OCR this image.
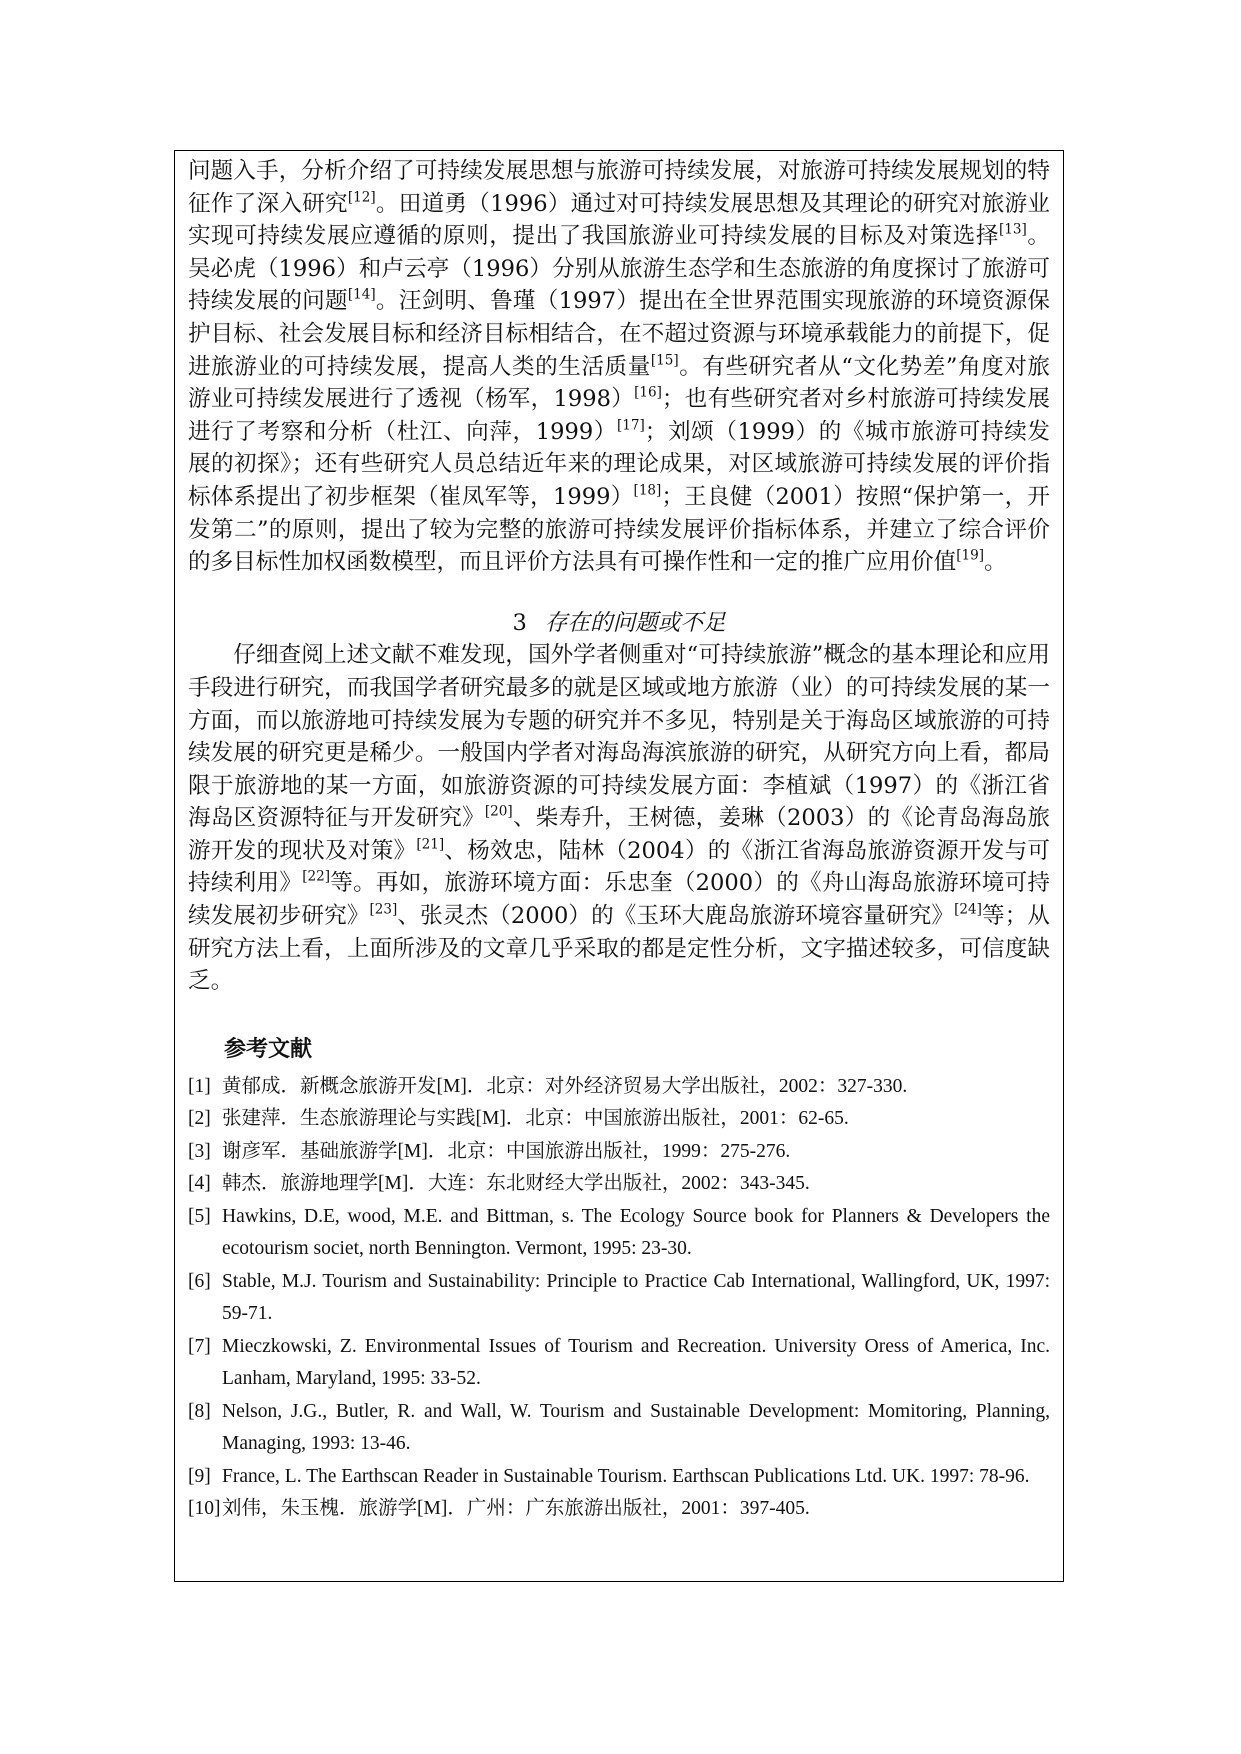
问题入手，分析介绍了可持续发展思想与旅游可持续发展，对旅游可持续发展规划的特征作了深入研究[12]。田道勇（1996）通过对可持续发展思想及其理论的研究对旅游业实现可持续发展应遵循的原则，提出了我国旅游业可持续发展的目标及对策选择[13]。吴必虎（1996）和卢云亭（1996）分别从旅游生态学和生态旅游的角度探讨了旅游可持续发展的问题[14]。汪剑明、鲁瑾（1997）提出在全世界范围实现旅游的环境资源保护目标、社会发展目标和经济目标相结合，在不超过资源与环境承载能力的前提下，促进旅游业的可持续发展，提高人类的生活质量[15]。有些研究者从“文化势差”角度对旅游业可持续发展进行了透视（杨军，1998）[16]；也有些研究者对乡村旅游可持续发展进行了考察和分析（杜江、向萍，1999）[17]；刘颂（1999）的《城市旅游可持续发展的初探》；还有些研究人员总结近年来的理论成果，对区域旅游可持续发展的评价指标体系提出了初步框架（崔凤军等，1999）[18]；王良健（2001）按照“保护第一，开发第二”的原则，提出了较为完整的旅游可持续发展评价指标体系，并建立了综合评价的多目标性加权函数模型，而且评价方法具有可操作性和一定的推广应用价值[19]。

3 存在的问题或不足

仔细查阅上述文献不难发现，国外学者侧重对“可持续旅游”概念的基本理论和应用手段进行研究，而我国学者研究最多的就是区域或地方旅游（业）的可持续发展的某一方面，而以旅游地可持续发展为专题的研究并不多见，特别是关于海岛区域旅游的可持续发展的研究更是稀少。一般国内学者对海岛海滨旅游的研究，从研究方向上看，都局限于旅游地的某一方面，如旅游资源的可持续发展方面：李植斌（1997）的《浙江省海岛区资源特征与开发研究》[20]、柴寿升，王树德，姜琳（2003）的《论青岛海岛旅游开发的现状及对策》[21]、杨效忠，陆林（2004）的《浙江省海岛旅游资源开发与可持续利用》[22]等。再如，旅游环境方面：乐忠奎（2000）的《舟山海岛旅游环境可持续发展初步研究》[23]、张灵杰（2000）的《玉环大鹿岛旅游环境容量研究》[24]等；从研究方法上看，上面所涉及的文章几乎采取的都是定性分析，文字描述较多，可信度缺乏。

参考文献
[1] 黄郁成．新概念旅游开发[M]．北京：对外经济贸易大学出版社，2002：327-330.
[2] 张建萍．生态旅游理论与实践[M]．北京：中国旅游出版社，2001：62-65.
[3] 谢彦军．基础旅游学[M]．北京：中国旅游出版社，1999：275-276.
[4] 韩杰．旅游地理学[M]．大连：东北财经大学出版社，2002：343-345.
[5] Hawkins, D.E, wood, M.E. and Bittman, s. The Ecology Source book for Planners & Developers the ecotourism societ, north Bennington. Vermont, 1995: 23-30.
[6] Stable, M.J. Tourism and Sustainability: Principle to Practice Cab International, Wallingford, UK, 1997: 59-71.
[7] Mieczkowski, Z. Environmental Issues of Tourism and Recreation. University Oress of America, Inc. Lanham, Maryland, 1995: 33-52.
[8] Nelson, J.G., Butler, R. and Wall, W. Tourism and Sustainable Development: Momitoring, Planning, Managing, 1993: 13-46.
[9] France, L. The Earthscan Reader in Sustainable Tourism. Earthscan Publications Ltd. UK. 1997: 78-96.
[10]刘伟，朱玉槐．旅游学[M]．广州：广东旅游出版社，2001：397-405.
